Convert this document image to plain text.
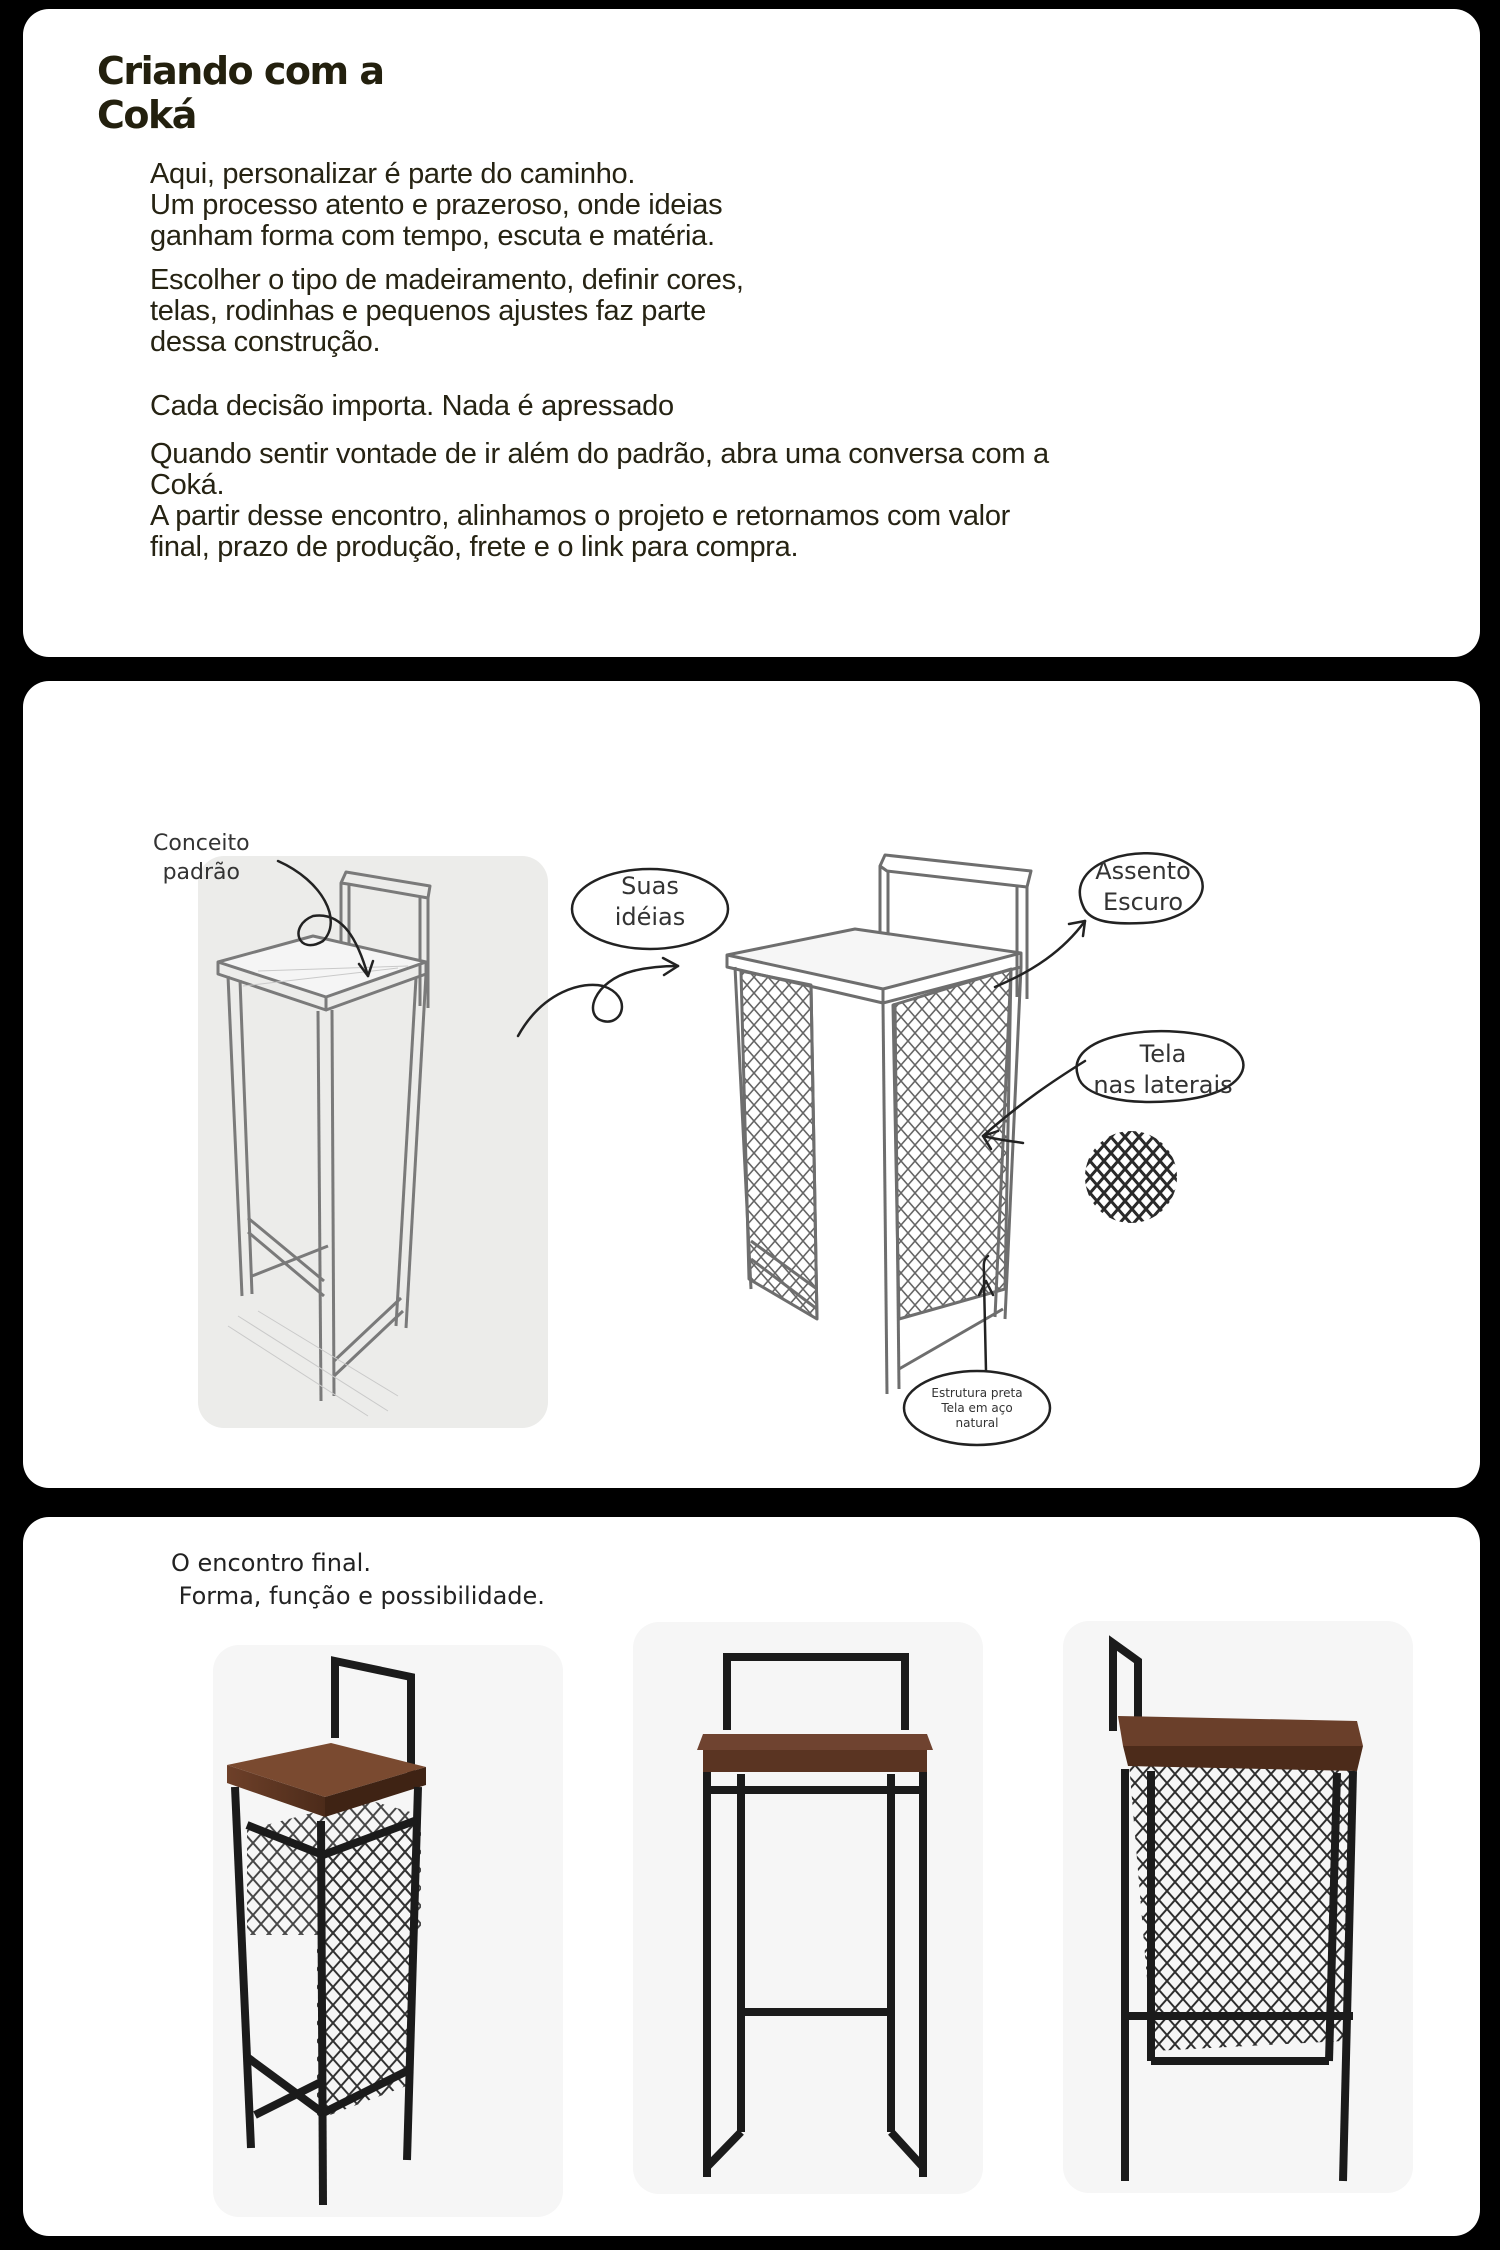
Criando com a
Coká

Aqui, personalizar é parte do caminho.
Um processo atento e prazeroso, onde ideias
ganham forma com tempo, escuta e matéria.

Escolher o tipo de madeiramento, definir cores,
telas, rodinhas e pequenos ajustes faz parte
dessa construção.

Cada decisão importa. Nada é apressado

Quando sentir vontade de ir além do padrão, abra uma conversa com a
Coká.
A partir desse encontro, alinhamos o projeto e retornamos com valor
final, prazo de produção, frete e o link para compra.

Conceito
padrão	Suas
idéias
Assento
Escuro
Tela
nas laterais
Estrutura preta
Tela em aço
natural
O encontro final.
Forma, função e possibilidade.
